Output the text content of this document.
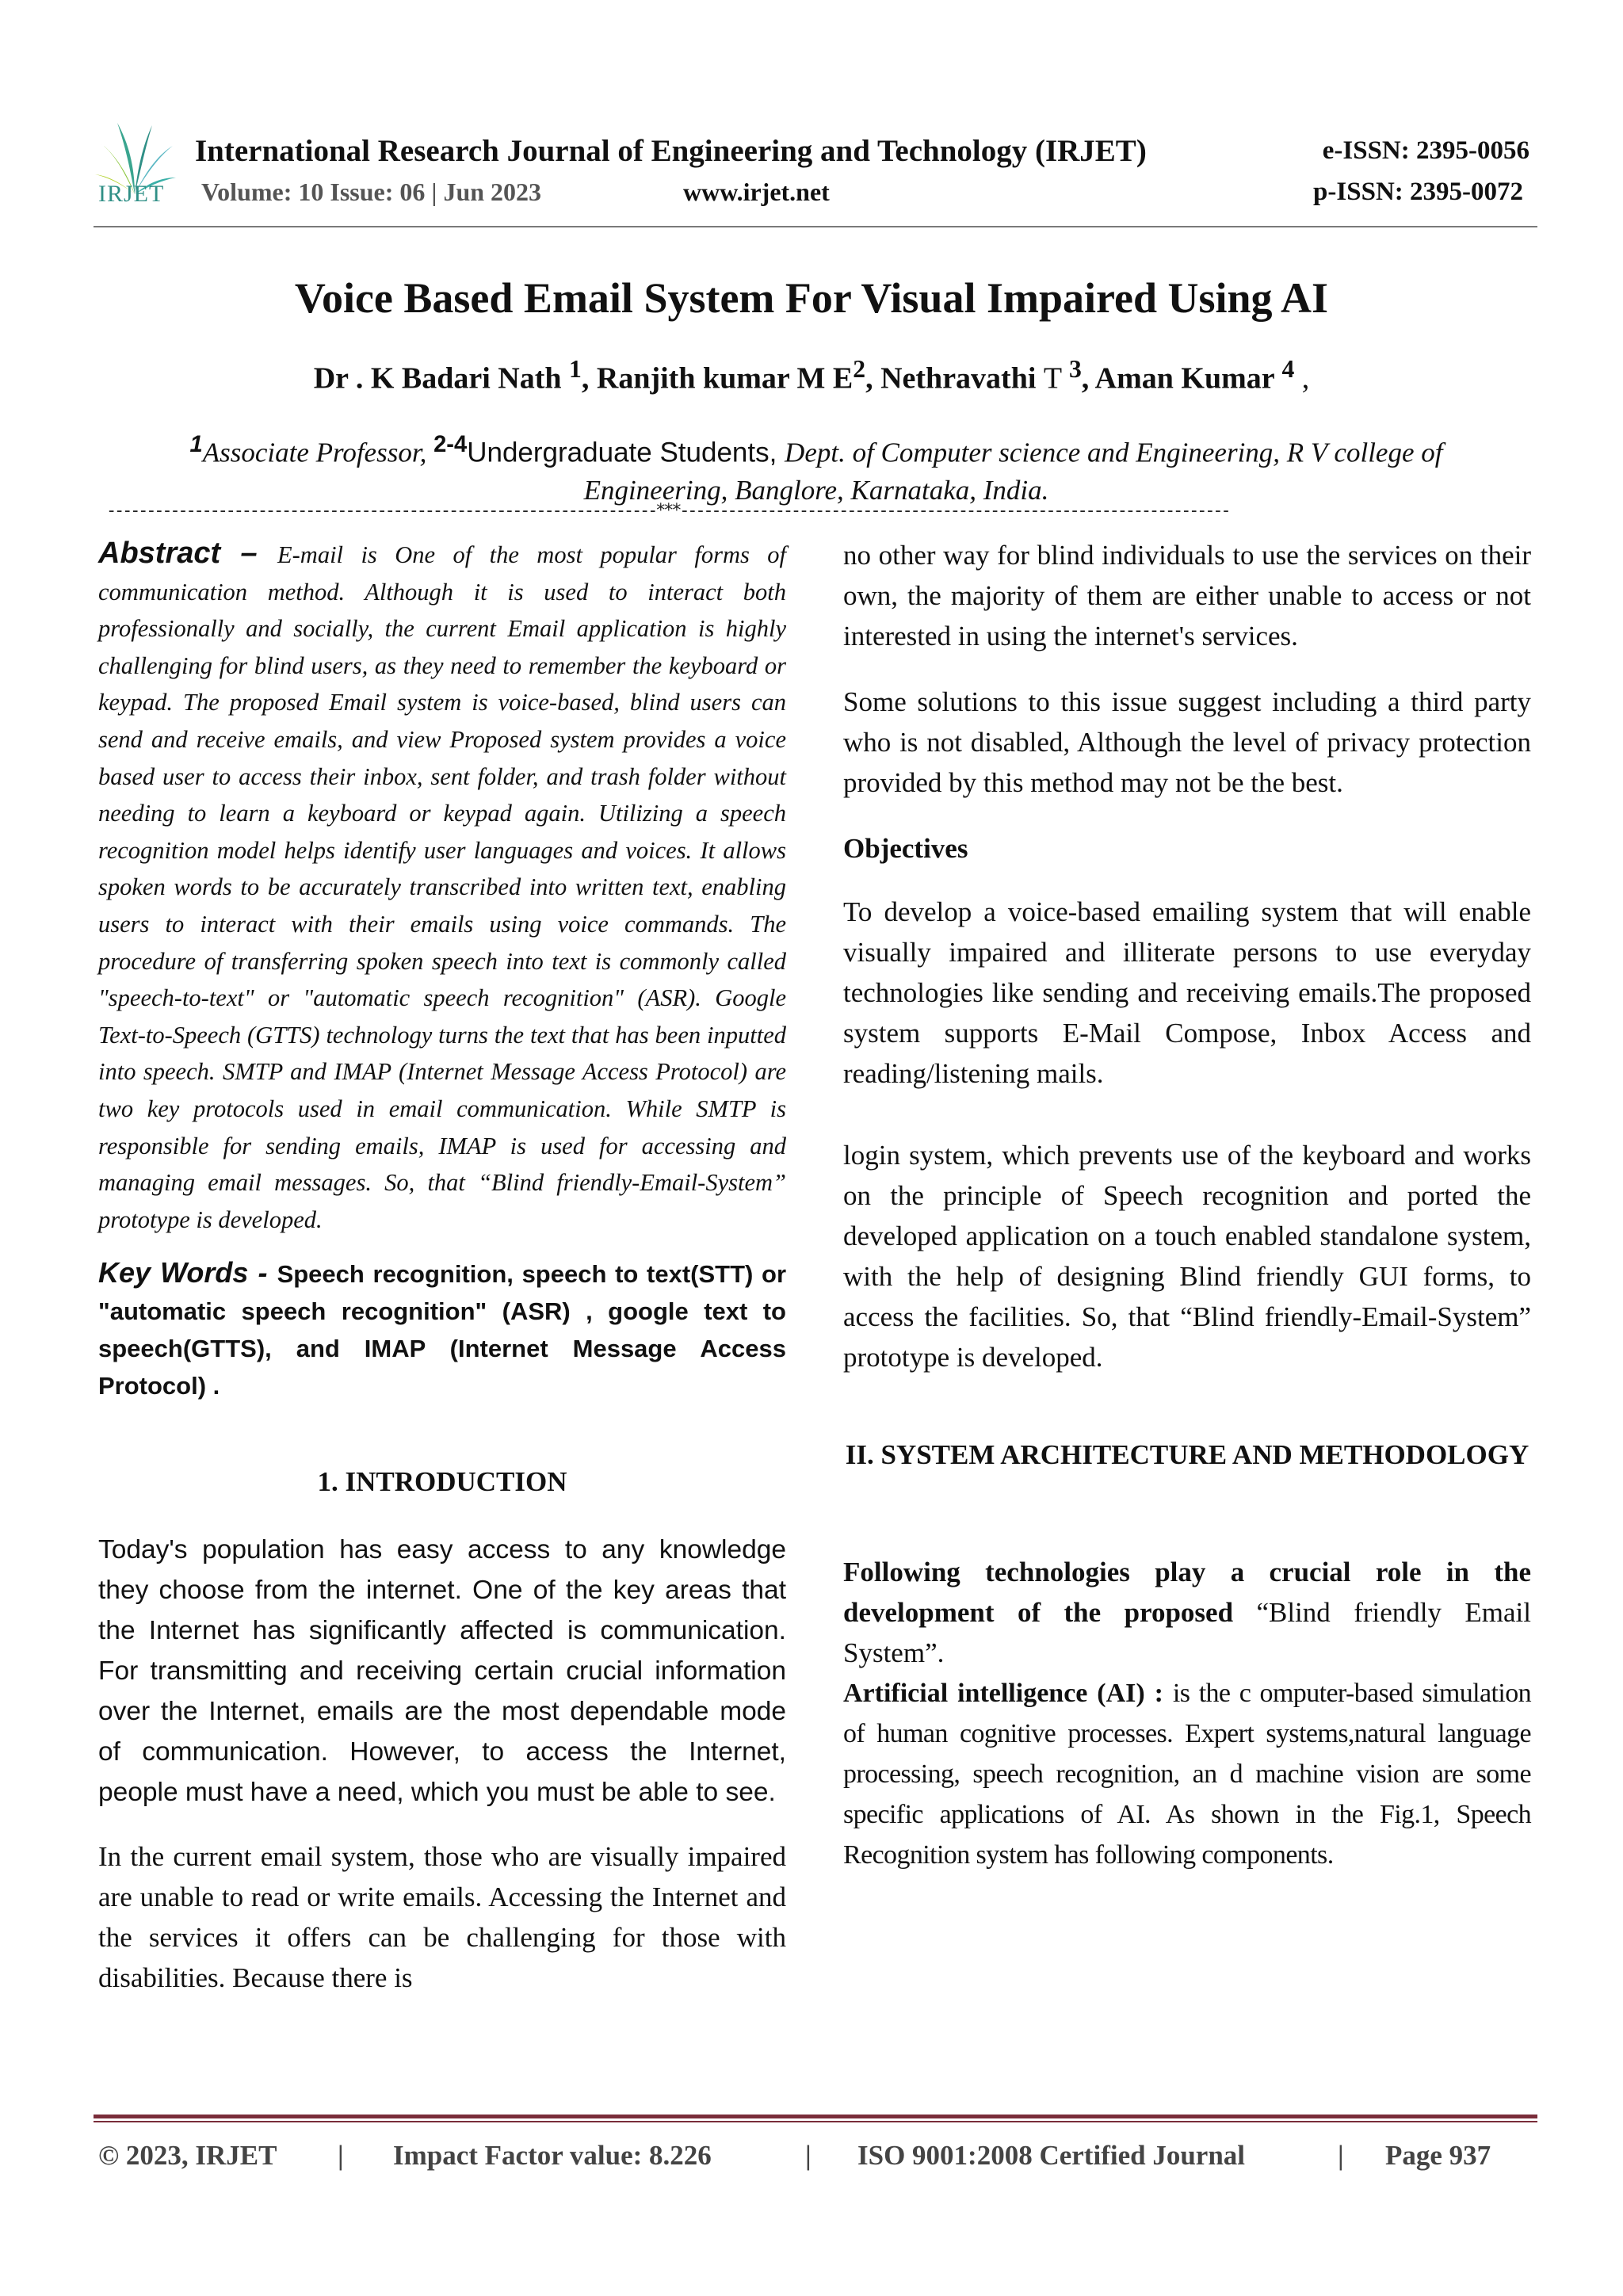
IRJET
International Research Journal of Engineering and Technology (IRJET)
Volume: 10 Issue: 06 | Jun 2023	www.irjet.net
e-ISSN: 2395-0056
p-ISSN: 2395-0072
Voice Based Email System For Visual Impaired Using AI
Dr . K Badari Nath $^1$, Ranjith kumar M $E^2$, Nethravathi T $^3$, Aman Kumar $^4$ ,
$^1$Associate Professor, $^{2-4}$Undergraduate Students, Dept. of Computer science and Engineering, R V college of Engineering, Banglore, Karnataka, India.
---------------------------------------------------------------------***---------------------------------------------------------------------

Abstract – E-mail is One of the most popular forms of communication method. Although it is used to interact both professionally and socially, the current Email application is highly challenging for blind users, as they need to remember the keyboard or keypad. The proposed Email system is voice-based, blind users can send and receive emails, and view Proposed system provides a voice based user to access their inbox, sent folder, and trash folder without needing to learn a keyboard or keypad again. Utilizing a speech recognition model helps identify user languages and voices. It allows spoken words to be accurately transcribed into written text, enabling users to interact with their emails using voice commands. The procedure of transferring spoken speech into text is commonly called "speech-to-text" or "automatic speech recognition" (ASR). Google Text-to-Speech (GTTS) technology turns the text that has been inputted into speech. SMTP and IMAP (Internet Message Access Protocol) are two key protocols used in email communication. While SMTP is responsible for sending emails, IMAP is used for accessing and managing email messages. So, that “Blind friendly-Email-System” prototype is developed.

Key Words - Speech recognition, speech to text(STT) or "automatic speech recognition" (ASR) , google text to speech(GTTS), and IMAP (Internet Message Access Protocol) .

1. INTRODUCTION

Today's population has easy access to any knowledge they choose from the internet. One of the key areas that the Internet has significantly affected is communication. For transmitting and receiving certain crucial information over the Internet, emails are the most dependable mode of communication. However, to access the Internet, people must have a need, which you must be able to see.

In the current email system, those who are visually impaired are unable to read or write emails. Accessing the Internet and the services it offers can be challenging for those with disabilities. Because there is

no other way for blind individuals to use the services on their own, the majority of them are either unable to access or not interested in using the internet's services.

Some solutions to this issue suggest including a third party who is not disabled, Although the level of privacy protection provided by this method may not be the best.

Objectives

To develop a voice-based emailing system that will enable visually impaired and illiterate persons to use everyday technologies like sending and receiving emails.The proposed system supports E-Mail Compose, Inbox Access and reading/listening mails.

login system, which prevents use of the keyboard and works on the principle of Speech recognition and ported the developed application on a touch enabled standalone system, with the help of designing Blind friendly GUI forms, to access the facilities. So, that “Blind friendly-Email-System” prototype is developed.

II. SYSTEM ARCHITECTURE AND METHODOLOGY

Following technologies play a crucial role in the development of the proposed “Blind friendly Email System”.

Artificial intelligence (AI) : is the c omputer-based simulation of human cognitive processes. Expert systems,natural language processing, speech recognition, an d machine vision are some specific applications of AI. As shown in the Fig.1, Speech Recognition system has following components.

© 2023, IRJET | Impact Factor value: 8.226	| ISO 9001:2008 Certified Journal	| Page 937
